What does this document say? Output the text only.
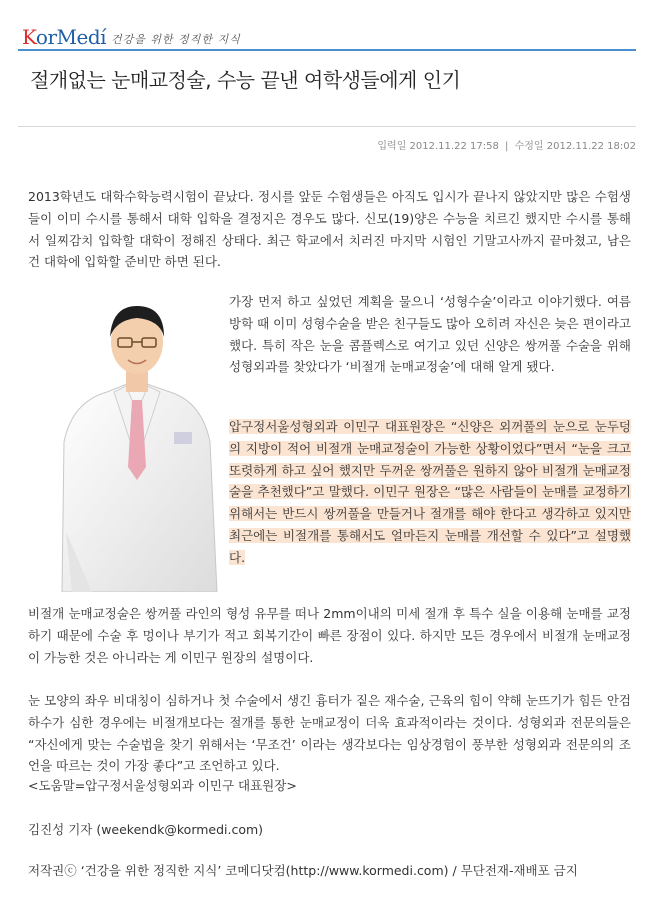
KorMedí 건강을 위한 정직한 지식
절개없는 눈매교정술, 수능 끝낸 여학생들에게 인기
입력일 2012.11.22 17:58 | 수정일 2012.11.22 18:02

2013학년도 대학수학능력시험이 끝났다. 정시를 앞둔 수험생들은 아직도 입시가 끝나지 않았지만 많은 수험생들이 이미 수시를 통해서 대학 입학을 결정지은 경우도 많다. 신모(19)양은 수능을 치르긴 했지만 수시를 통해서 일찌감치 입학할 대학이 정해진 상태다. 최근 학교에서 치러진 마지막 시험인 기말고사까지 끝마쳤고, 남은 건 대학에 입학할 준비만 하면 된다.

가장 먼저 하고 싶었던 계획을 물으니 ‘성형수술’이라고 이야기했다. 여름방학 때 이미 성형수술을 받은 친구들도 많아 오히려 자신은 늦은 편이라고 했다. 특히 작은 눈을 콤플렉스로 여기고 있던 신양은 쌍꺼풀 수술을 위해 성형외과를 찾았다가 ‘비절개 눈매교정술’에 대해 알게 됐다.

압구정서울성형외과 이민구 대표원장은 “신양은 외꺼풀의 눈으로 눈두덩의 지방이 적어 비절개 눈매교정술이 가능한 상황이었다”면서 “눈을 크고 또렷하게 하고 싶어 했지만 두꺼운 쌍꺼풀은 원하지 않아 비절개 눈매교정술을 추천했다”고 말했다. 이민구 원장은 “많은 사람들이 눈매를 교정하기 위해서는 반드시 쌍꺼풀을 만들거나 절개를 해야 한다고 생각하고 있지만 최근에는 비절개를 통해서도 얼마든지 눈매를 개선할 수 있다”고 설명했다.

비절개 눈매교정술은 쌍꺼풀 라인의 형성 유무를 떠나 2mm이내의 미세 절개 후 특수 실을 이용해 눈매를 교정하기 때문에 수술 후 멍이나 부기가 적고 회복기간이 빠른 장점이 있다. 하지만 모든 경우에서 비절개 눈매교정이 가능한 것은 아니라는 게 이민구 원장의 설명이다.

눈 모양의 좌우 비대칭이 심하거나 첫 수술에서 생긴 흉터가 짙은 재수술, 근육의 힘이 약해 눈뜨기가 힘든 안검하수가 심한 경우에는 비절개보다는 절개를 통한 눈매교정이 더욱 효과적이라는 것이다. 성형외과 전문의들은 “자신에게 맞는 수술법을 찾기 위해서는 ‘무조건’ 이라는 생각보다는 임상경험이 풍부한 성형외과 전문의의 조언을 따르는 것이 가장 좋다”고 조언하고 있다.

<도움말=압구정서울성형외과 이민구 대표원장>
김진성 기자 (weekendk@kormedi.com)
저작권ⓒ ‘건강을 위한 정직한 지식’ 코메디닷컴(http://www.kormedi.com) / 무단전재-재배포 금지
